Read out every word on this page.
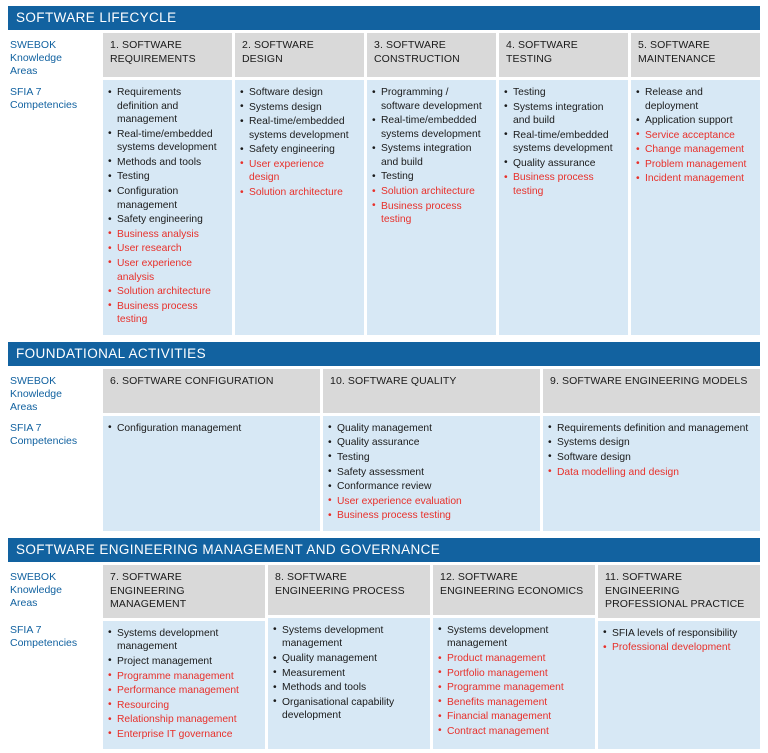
SOFTWARE LIFECYCLE
SWEBOK
Knowledge
Areas
SFIA 7
Competencies
1. SOFTWARE REQUIREMENTS
• Requirements definition and management
• Real-time/embedded systems development
• Methods and tools
• Testing
• Configuration management
• Safety engineering
• Business analysis
• User research
• User experience analysis
• Solution architecture
• Business process testing
2. SOFTWARE DESIGN
• Software design
• Systems design
• Real-time/embedded systems development
• Safety engineering
• User experience design
• Solution architecture
3. SOFTWARE CONSTRUCTION
• Programming / software development
• Real-time/embedded systems development
• Systems integration and build
• Testing
• Solution architecture
• Business process testing
4. SOFTWARE TESTING
• Testing
• Systems integration and build
• Real-time/embedded systems development
• Quality assurance
• Business process testing
5. SOFTWARE MAINTENANCE
• Release and deployment
• Application support
• Service acceptance
• Change management
• Problem management
• Incident management
FOUNDATIONAL ACTIVITIES
SWEBOK
Knowledge
Areas
SFIA 7
Competencies
6. SOFTWARE CONFIGURATION
• Configuration management
10. SOFTWARE QUALITY
• Quality management
• Quality assurance
• Testing
• Safety assessment
• Conformance review
• User experience evaluation
• Business process testing
9. SOFTWARE ENGINEERING MODELS
• Requirements definition and management
• Systems design
• Software design
• Data modelling and design
SOFTWARE ENGINEERING MANAGEMENT AND GOVERNANCE
SWEBOK
Knowledge
Areas
SFIA 7
Competencies
7. SOFTWARE ENGINEERING MANAGEMENT
• Systems development management
• Project management
• Programme management
• Performance management
• Resourcing
• Relationship management
• Enterprise IT governance
8. SOFTWARE ENGINEERING PROCESS
• Systems development management
• Quality management
• Measurement
• Methods and tools
• Organisational capability development
12. SOFTWARE ENGINEERING ECONOMICS
• Systems development management
• Product management
• Portfolio management
• Programme management
• Benefits management
• Financial management
• Contract management
11. SOFTWARE ENGINEERING PROFESSIONAL PRACTICE
• SFIA levels of responsibility
• Professional development
